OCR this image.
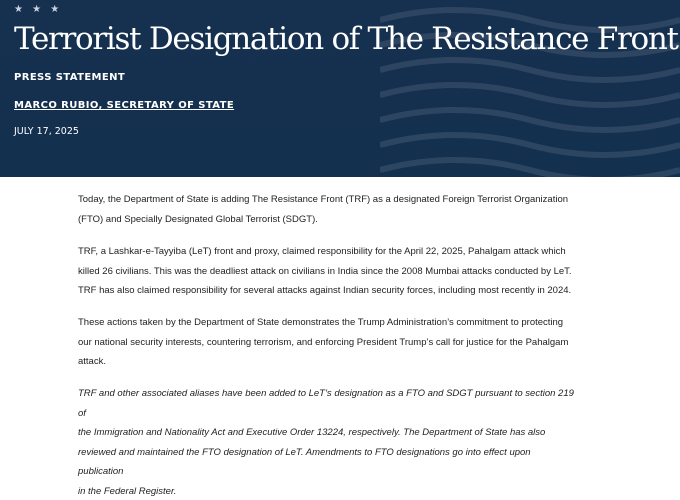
★ ★ ★
Terrorist Designation of The Resistance Front
PRESS STATEMENT
MARCO RUBIO, SECRETARY OF STATE
JULY 17, 2025

Today, the Department of State is adding The Resistance Front (TRF) as a designated Foreign Terrorist Organization
(FTO) and Specially Designated Global Terrorist (SDGT).

TRF, a Lashkar-e-Tayyiba (LeT) front and proxy, claimed responsibility for the April 22, 2025, Pahalgam attack which
killed 26 civilians. This was the deadliest attack on civilians in India since the 2008 Mumbai attacks conducted by LeT.
TRF has also claimed responsibility for several attacks against Indian security forces, including most recently in 2024.

These actions taken by the Department of State demonstrates the Trump Administration’s commitment to protecting
our national security interests, countering terrorism, and enforcing President Trump’s call for justice for the Pahalgam
attack.

TRF and other associated aliases have been added to LeT’s designation as a FTO and SDGT pursuant to section 219 of
the Immigration and Nationality Act and Executive Order 13224, respectively. The Department of State has also
reviewed and maintained the FTO designation of LeT. Amendments to FTO designations go into effect upon publication
in the Federal Register.
